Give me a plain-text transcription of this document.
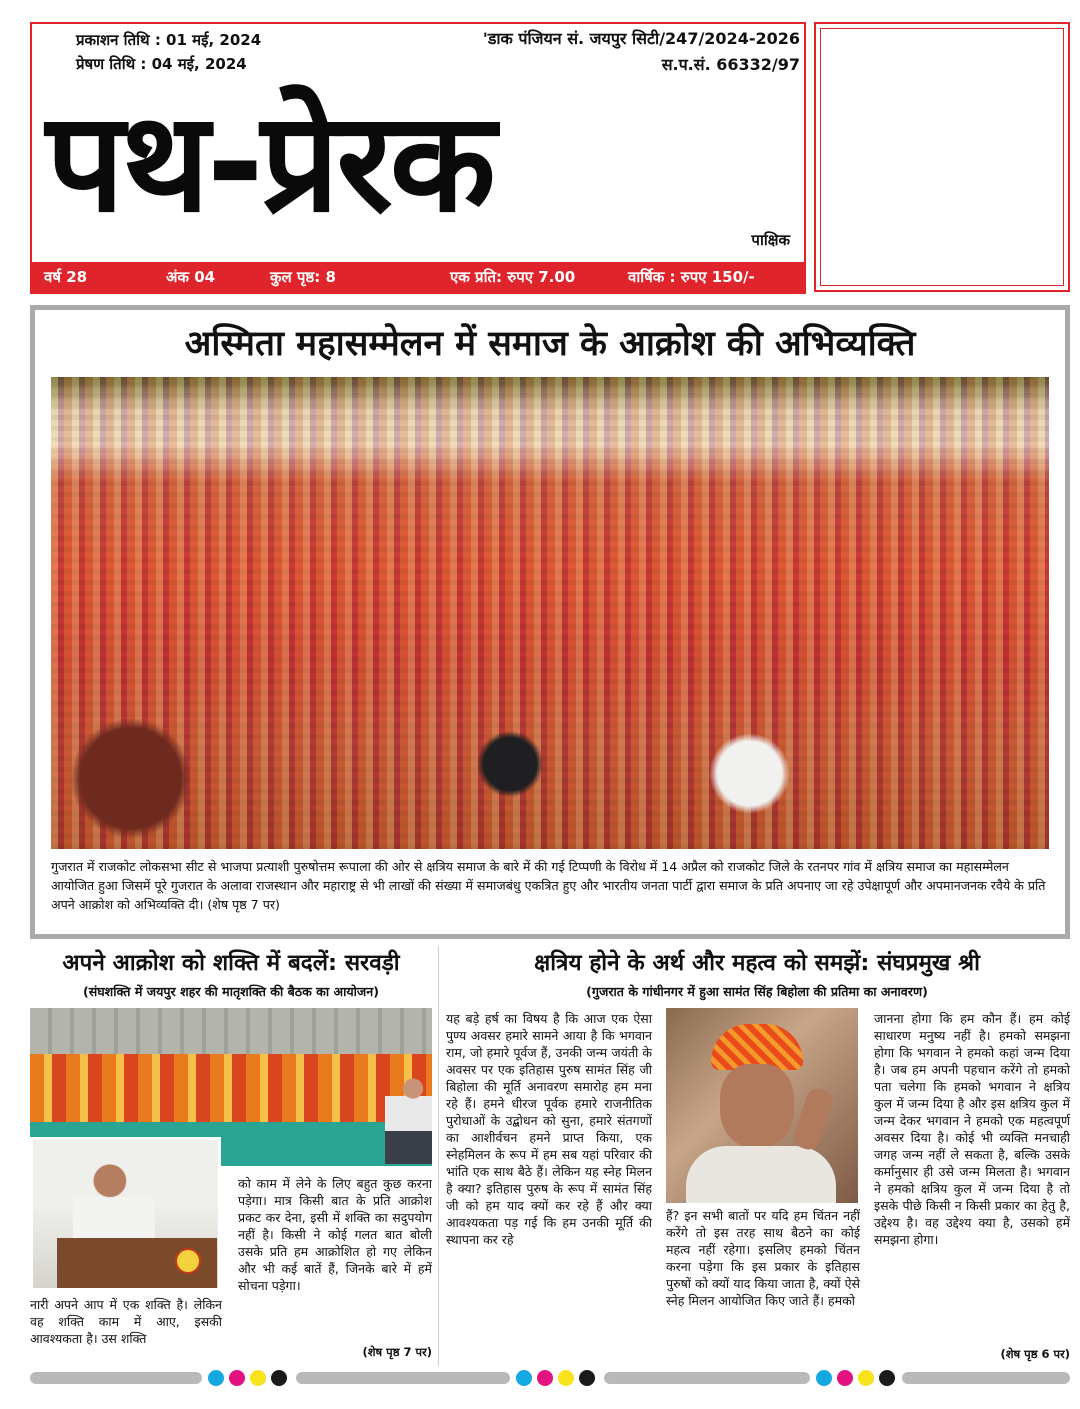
प्रकाशन तिथि : 01 मई, 2024
प्रेषण तिथि : 04 मई, 2024
'डाक पंजियन सं. जयपुर सिटी/247/2024-2026
स.प.सं. 66332/97
पथ-प्रेरक	पाक्षिक
वर्ष 28	अंक 04	कुल पृष्ठ: 8	एक प्रति: रुपए 7.00	वार्षिक : रुपए 150/-
अस्मिता महासम्मेलन में समाज के आक्रोश की अभिव्यक्ति
गुजरात में राजकोट लोकसभा सीट से भाजपा प्रत्याशी पुरुषोत्तम रूपाला की ओर से क्षत्रिय समाज के बारे में की गई टिप्पणी के विरोध में 14 अप्रैल को राजकोट जिले के रतनपर गांव में क्षत्रिय समाज का महासम्मेलन आयोजित हुआ जिसमें पूरे गुजरात के अलावा राजस्थान और महाराष्ट्र से भी लाखों की संख्या में समाजबंधु एकत्रित हुए और भारतीय जनता पार्टी द्वारा समाज के प्रति अपनाए जा रहे उपेक्षापूर्ण और अपमानजनक रवैये के प्रति अपने आक्रोश को अभिव्यक्ति दी। (शेष पृष्ठ 7 पर)
अपने आक्रोश को शक्ति में बदलें: सरवड़ी
(संघशक्ति में जयपुर शहर की मातृशक्ति की बैठक का आयोजन)
नारी अपने आप में एक शक्ति है। लेकिन वह शक्ति काम में आए, इसकी आवश्यकता है। उस शक्ति
को काम में लेने के लिए बहुत कुछ करना पड़ेगा। मात्र किसी बात के प्रति आक्रोश प्रकट कर देना, इसी में शक्ति का सदुपयोग नहीं है। किसी ने कोई गलत बात बोली उसके प्रति हम आक्रोशित हो गए लेकिन और भी कई बातें हैं, जिनके बारे में हमें सोचना पड़ेगा।
(शेष पृष्ठ 7 पर)
क्षत्रिय होने के अर्थ और महत्व को समझें: संघप्रमुख श्री
(गुजरात के गांधीनगर में हुआ सामंत सिंह बिहोला की प्रतिमा का अनावरण)
यह बड़े हर्ष का विषय है कि आज एक ऐसा पुण्य अवसर हमारे सामने आया है कि भगवान राम, जो हमारे पूर्वज हैं, उनकी जन्म जयंती के अवसर पर एक इतिहास पुरुष सामंत सिंह जी बिहोला की मूर्ति अनावरण समारोह हम मना रहे हैं। हमने धीरज पूर्वक हमारे राजनीतिक पुरोधाओं के उद्बोधन को सुना, हमारे संतगणों का आशीर्वचन हमने प्राप्त किया, एक स्नेहमिलन के रूप में हम सब यहां परिवार की भांति एक साथ बैठे हैं। लेकिन यह स्नेह मिलन है क्या? इतिहास पुरुष के रूप में सामंत सिंह जी को हम याद क्यों कर रहे हैं और क्या आवश्यकता पड़ गई कि हम उनकी मूर्ति की स्थापना कर रहे
हैं? इन सभी बातों पर यदि हम चिंतन नहीं करेंगे तो इस तरह साथ बैठने का कोई महत्व नहीं रहेगा। इसलिए हमको चिंतन करना पड़ेगा कि इस प्रकार के इतिहास पुरुषों को क्यों याद किया जाता है, क्यों ऐसे स्नेह मिलन आयोजित किए जाते हैं। हमको
जानना होगा कि हम कौन हैं। हम कोई साधारण मनुष्य नहीं है। हमको समझना होगा कि भगवान ने हमको कहां जन्म दिया है। जब हम अपनी पहचान करेंगे तो हमको पता चलेगा कि हमको भगवान ने क्षत्रिय कुल में जन्म दिया है और इस क्षत्रिय कुल में जन्म देकर भगवान ने हमको एक महत्वपूर्ण अवसर दिया है। कोई भी व्यक्ति मनचाही जगह जन्म नहीं ले सकता है, बल्कि उसके कर्मानुसार ही उसे जन्म मिलता है। भगवान ने हमको क्षत्रिय कुल में जन्म दिया है तो इसके पीछे किसी न किसी प्रकार का हेतु है, उद्देश्य है। वह उद्देश्य क्या है, उसको हमें समझना होगा।
(शेष पृष्ठ 6 पर)
